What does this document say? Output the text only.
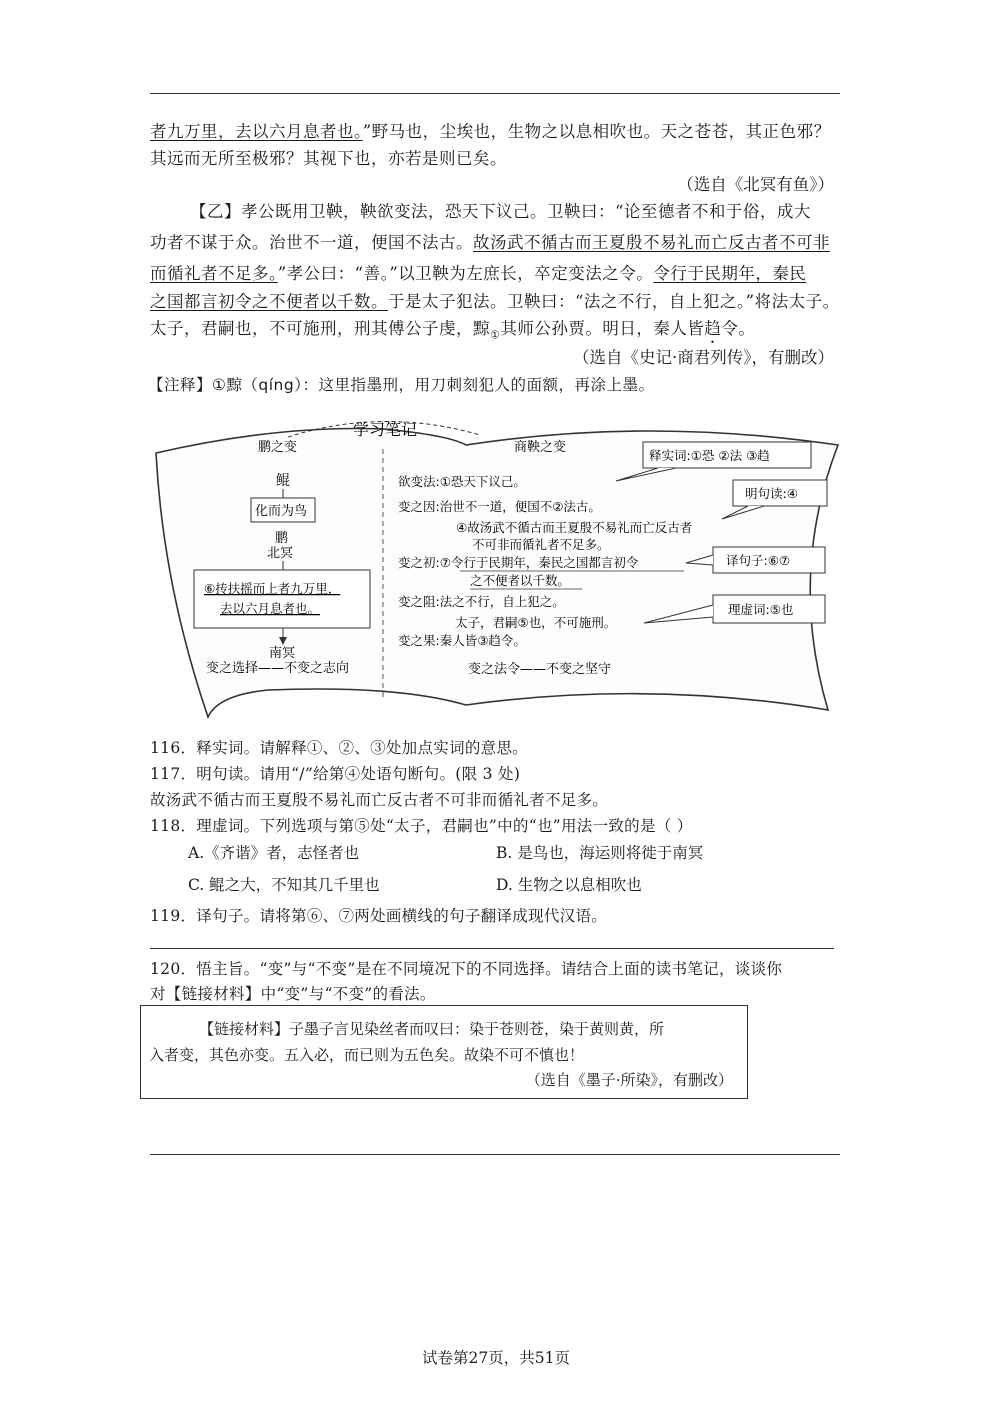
者九万里，去以六月息者也。”野马也，尘埃也，生物之以息相吹也。天之苍苍，其正色邪？
其远而无所至极邪？其视下也，亦若是则已矣。
（选自《北冥有鱼》）
【乙】孝公既用卫鞅，鞅欲变法，恐天下议己。卫鞅曰：“论至德者不和于俗，成大
功者不谋于众。治世不一道，便国不法古。故汤武不循古而王夏殷不易礼而亡反古者不可非
而循礼者不足多。”孝公曰：“善。”以卫鞅为左庶长，卒定变法之令。令行于民期年，秦民
之国都言初令之不便者以千数。于是太子犯法。卫鞅曰：“法之不行，自上犯之。”将法太子。
太子，君嗣也，不可施刑，刑其傅公子虔，黥$_①$其师公孙贾。明日，秦人皆趋令。
（选自《史记·商君列传》，有删改）
【注释】①黥（qíng）：这里指墨刑，用刀刺刻犯人的面额，再涂上墨。
学习笔记
鹏之变	商鞅之变
鲲
化而为鸟
鹏
北冥
⑥抟扶摇而上者九万里，
去以六月息者也。
南冥
变之选择——不变之志向
欲变法:①恐天下议己。
变之因:治世不一道，便国不②法古。
④故汤武不循古而王夏殷不易礼而亡反古者
不可非而循礼者不足多。
变之初:⑦令行于民期年，秦民之国都言初令
之不便者以千数。
变之阻:法之不行，自上犯之。
太子，君嗣⑤也，不可施刑。
变之果:秦人皆③趋令。
变之法令——不变之坚守
释实词:①恐 ②法 ③趋
明句读:④
译句子:⑥⑦
理虚词:⑤也
116．释实词。请解释①、②、③处加点实词的意思。
117．明句读。请用“/”给第④处语句断句。(限 3 处)
故汤武不循古而王夏殷不易礼而亡反古者不可非而循礼者不足多。
118．理虚词。下列选项与第⑤处“太子，君嗣也”中的“也”用法一致的是（ ）
A.《齐谐》者，志怪者也	B. 是鸟也，海运则将徙于南冥
C. 鲲之大，不知其几千里也	D. 生物之以息相吹也
119．译句子。请将第⑥、⑦两处画横线的句子翻译成现代汉语。
120．悟主旨。“变”与“不变”是在不同境况下的不同选择。请结合上面的读书笔记，谈谈你
对【链接材料】中“变”与“不变”的看法。
【链接材料】子墨子言见染丝者而叹曰：染于苍则苍，染于黄则黄，所
入者变，其色亦变。五入必，而已则为五色矣。故染不可不慎也！
（选自《墨子·所染》，有删改）
试卷第27页，共51页
